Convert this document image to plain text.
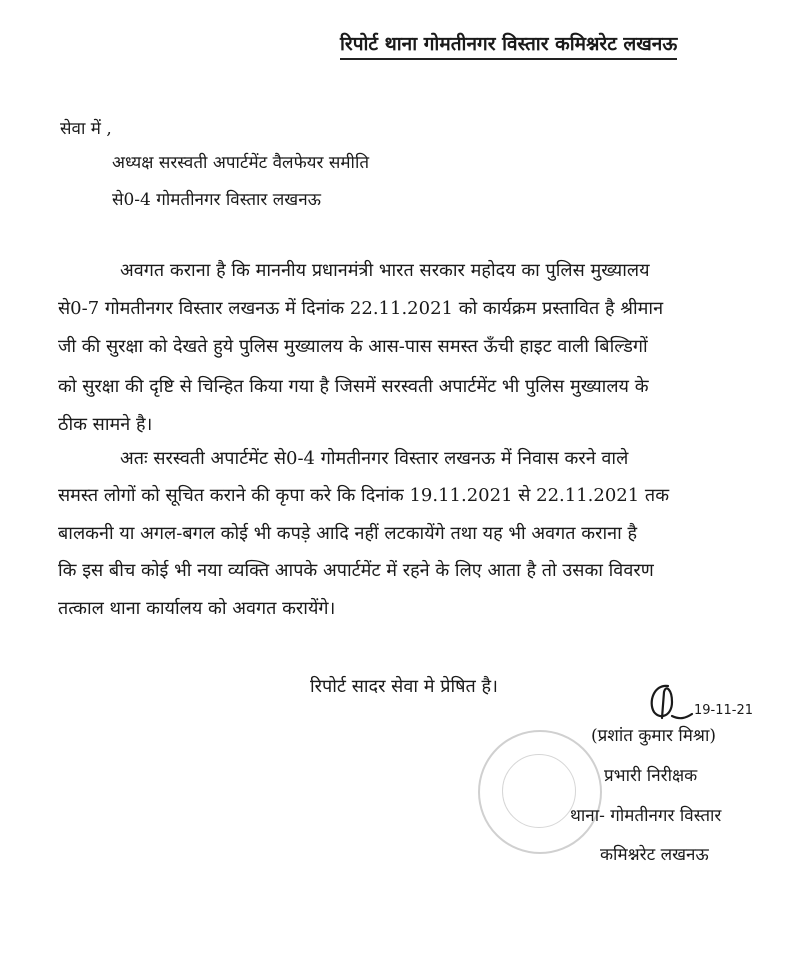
रिपोर्ट थाना गोमतीनगर विस्तार कमिश्नरेट लखनऊ
सेवा में ,
अध्यक्ष सरस्वती अपार्टमेंट वैलफेयर समीति
से0-4 गोमतीनगर विस्तार लखनऊ
अवगत कराना है कि माननीय प्रधानमंत्री भारत सरकार महोदय का पुलिस मुख्यालय
से0-7 गोमतीनगर विस्तार लखनऊ में दिनांक 22.11.2021 को कार्यक्रम प्रस्तावित है श्रीमान
जी की सुरक्षा को देखते हुये पुलिस मुख्यालय के आस-पास समस्त ऊँची हाइट वाली बिल्डिगों
को सुरक्षा की दृष्टि से चिन्हित किया गया है जिसमें सरस्वती अपार्टमेंट भी पुलिस मुख्यालय के
ठीक सामने है।
अतः सरस्वती अपार्टमेंट से0-4 गोमतीनगर विस्तार लखनऊ में निवास करने वाले
समस्त लोगों को सूचित कराने की कृपा करे कि दिनांक 19.11.2021 से 22.11.2021 तक
बालकनी या अगल-बगल कोई भी कपड़े आदि नहीं लटकायेंगे तथा यह भी अवगत कराना है
कि इस बीच कोई भी नया व्यक्ति आपके अपार्टमेंट में रहने के लिए आता है तो उसका विवरण
तत्काल थाना कार्यालय को अवगत करायेंगे।
रिपोर्ट सादर सेवा मे प्रेषित है।
19-11-21
(प्रशांत कुमार मिश्रा)
प्रभारी निरीक्षक
थाना- गोमतीनगर विस्तार
कमिश्नरेट लखनऊ
